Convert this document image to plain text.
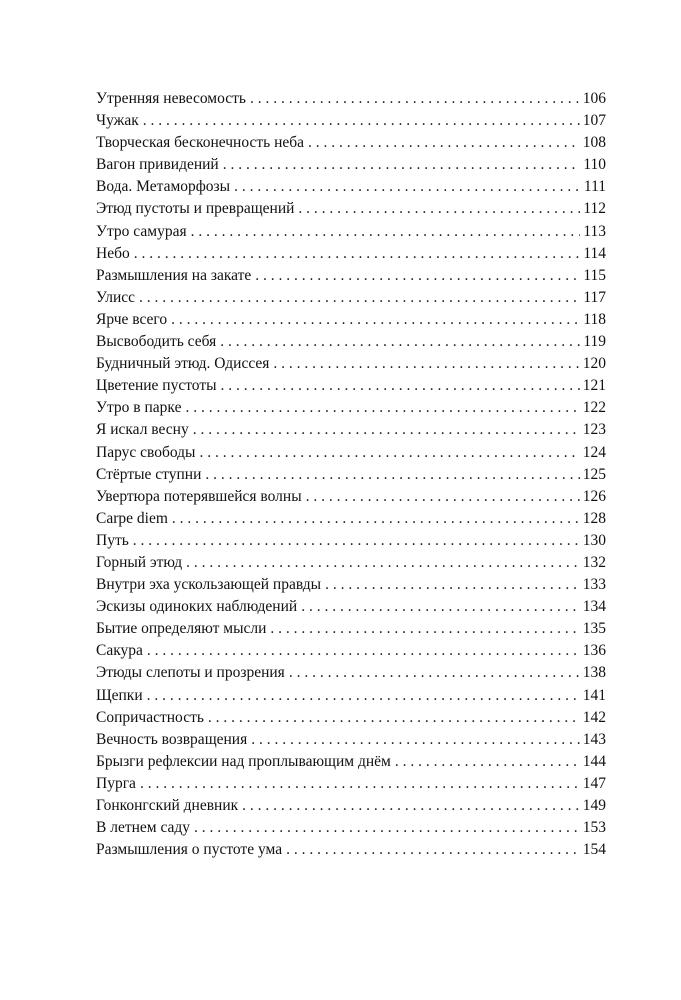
Утренняя невесомость . . .	106
Чужак . . .	107
Творческая бесконечность неба . . .	108
Вагон привидений . . .	110
Вода. Метаморфозы . . .	111
Этюд пустоты и превращений . . .	112
Утро самурая . . .	113
Небо . . .	114
Размышления на закате . . .	115
Улисс . . .	117
Ярче всего . . .	118
Высвободить себя . . .	119
Будничный этюд. Одиссея . . .	120
Цветение пустоты . . .	121
Утро в парке . . .	122
Я искал весну . . .	123
Парус свободы . . .	124
Стёртые ступни . . .	125
Увертюра потерявшейся волны . . .	126
Carpe diem . . .	128
Путь . . .	130
Горный этюд . . .	132
Внутри эха ускользающей правды . . .	133
Эскизы одиноких наблюдений . . .	134
Бытие определяют мысли . . .	135
Сакура . . .	136
Этюды слепоты и прозрения . . .	138
Щепки . . .	141
Сопричастность . . .	142
Вечность возвращения . . .	143
Брызги рефлексии над проплывающим днём . . .	144
Пурга . . .	147
Гонконгский дневник . . .	149
В летнем саду . . .	153
Размышления о пустоте ума . . .	154
